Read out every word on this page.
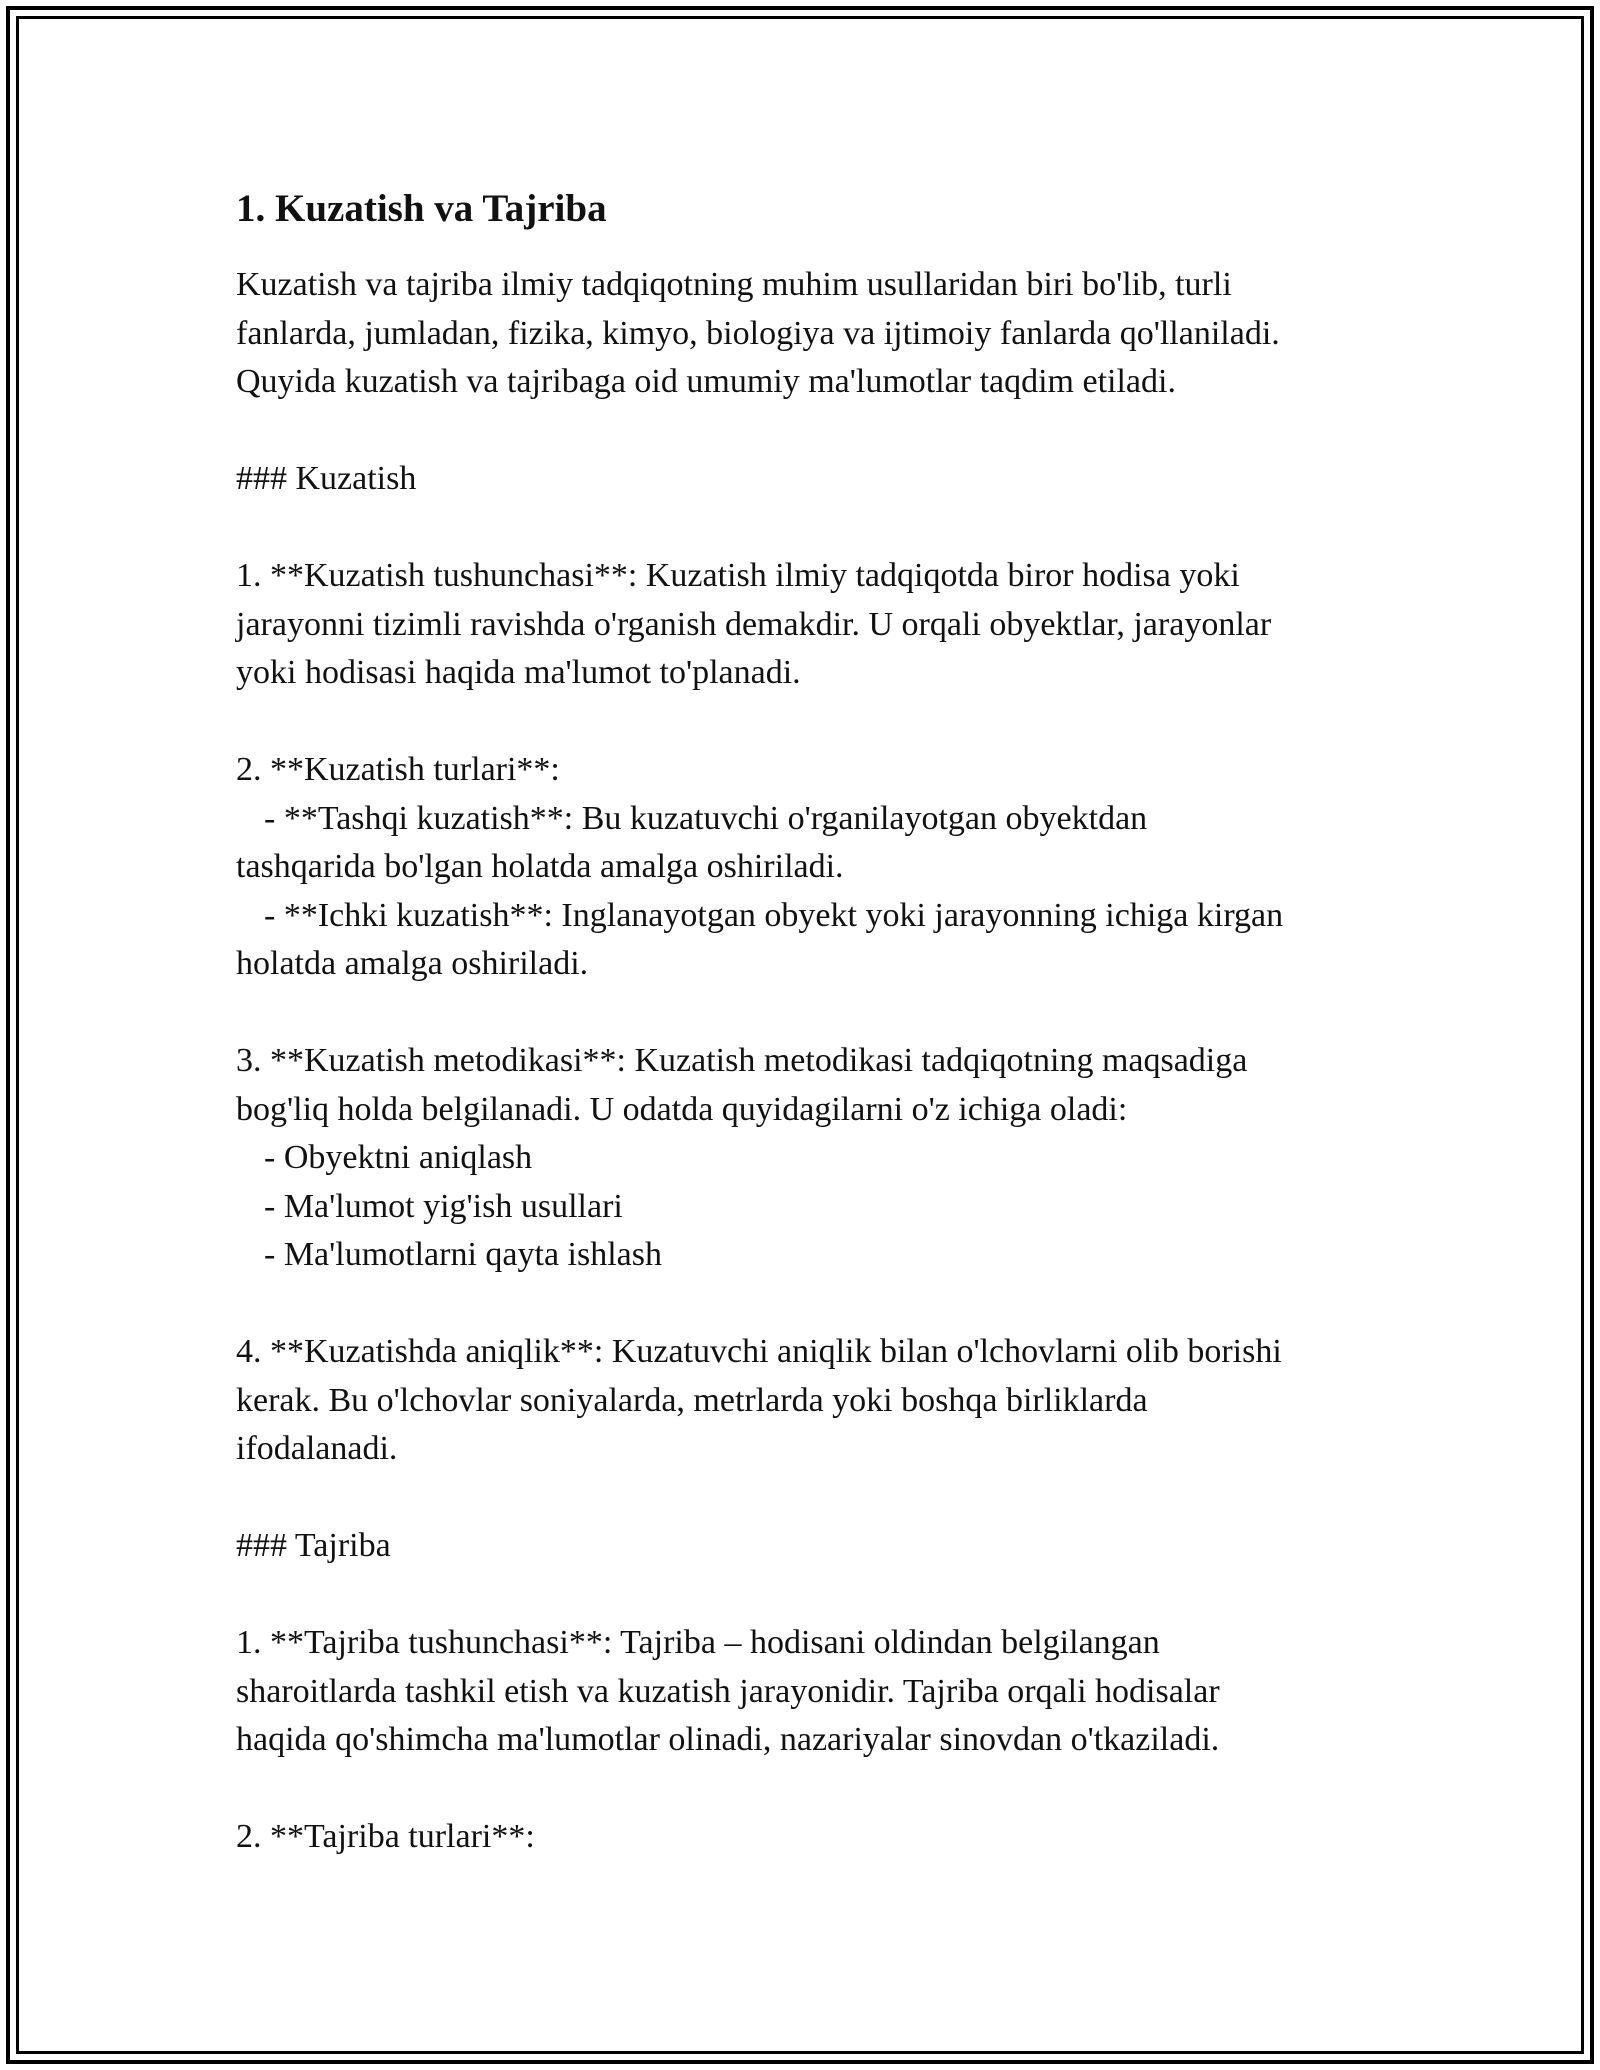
1. Kuzatish va Tajriba
Kuzatish va tajriba ilmiy tadqiqotning muhim usullaridan biri bo'lib, turli
fanlarda, jumladan, fizika, kimyo, biologiya va ijtimoiy fanlarda qo'llaniladi.
Quyida kuzatish va tajribaga oid umumiy ma'lumotlar taqdim etiladi.
### Kuzatish
1. **Kuzatish tushunchasi**: Kuzatish ilmiy tadqiqotda biror hodisa yoki
jarayonni tizimli ravishda o'rganish demakdir. U orqali obyektlar, jarayonlar
yoki hodisasi haqida ma'lumot to'planadi.
2. **Kuzatish turlari**:
- **Tashqi kuzatish**: Bu kuzatuvchi o'rganilayotgan obyektdan
tashqarida bo'lgan holatda amalga oshiriladi.
- **Ichki kuzatish**: Inglanayotgan obyekt yoki jarayonning ichiga kirgan
holatda amalga oshiriladi.
3. **Kuzatish metodikasi**: Kuzatish metodikasi tadqiqotning maqsadiga
bog'liq holda belgilanadi. U odatda quyidagilarni o'z ichiga oladi:
- Obyektni aniqlash
- Ma'lumot yig'ish usullari
- Ma'lumotlarni qayta ishlash
4. **Kuzatishda aniqlik**: Kuzatuvchi aniqlik bilan o'lchovlarni olib borishi
kerak. Bu o'lchovlar soniyalarda, metrlarda yoki boshqa birliklarda
ifodalanadi.
### Tajriba
1. **Tajriba tushunchasi**: Tajriba – hodisani oldindan belgilangan
sharoitlarda tashkil etish va kuzatish jarayonidir. Tajriba orqali hodisalar
haqida qo'shimcha ma'lumotlar olinadi, nazariyalar sinovdan o'tkaziladi.
2. **Tajriba turlari**:
